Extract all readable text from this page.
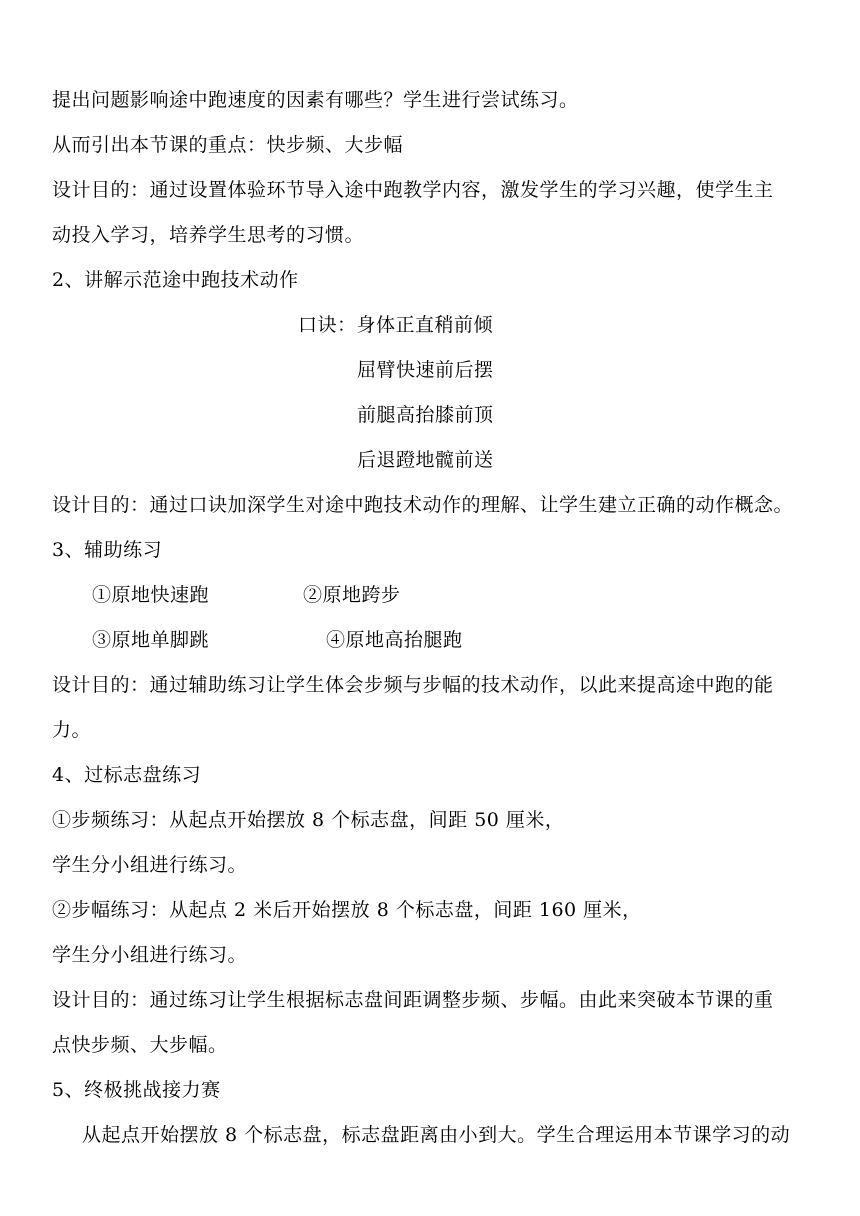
提出问题影响途中跑速度的因素有哪些？学生进行尝试练习。
从而引出本节课的重点：快步频、大步幅
设计目的：通过设置体验环节导入途中跑教学内容，激发学生的学习兴趣，使学生主
动投入学习，培养学生思考的习惯。
2、讲解示范途中跑技术动作
口诀：身体正直稍前倾
屈臂快速前后摆
前腿高抬膝前顶
后退蹬地髋前送
设计目的：通过口诀加深学生对途中跑技术动作的理解、让学生建立正确的动作概念。
3、辅助练习
①原地快速跑	②原地跨步
③原地单脚跳	④原地高抬腿跑
设计目的：通过辅助练习让学生体会步频与步幅的技术动作，以此来提高途中跑的能
力。
4、过标志盘练习
①步频练习：从起点开始摆放 8 个标志盘，间距 50 厘米，
学生分小组进行练习。
②步幅练习：从起点 2 米后开始摆放 8 个标志盘，间距 160 厘米，
学生分小组进行练习。
设计目的：通过练习让学生根据标志盘间距调整步频、步幅。由此来突破本节课的重
点快步频、大步幅。
5、终极挑战接力赛
从起点开始摆放 8 个标志盘，标志盘距离由小到大。学生合理运用本节课学习的动
